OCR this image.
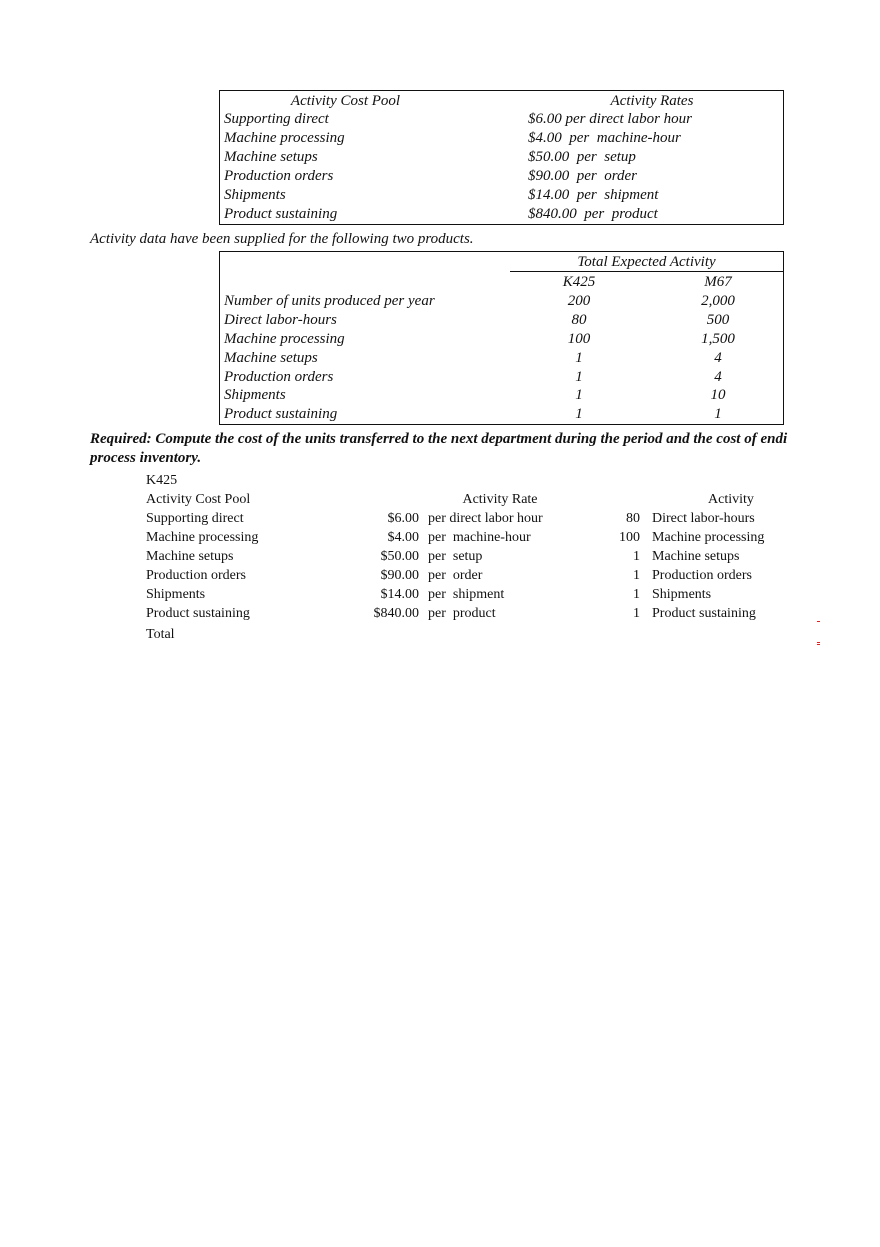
Activity Cost Pool	Activity Rates
Supporting direct	$6.00 per direct labor hour
Machine processing	$4.00  per  machine-hour
Machine setups	$50.00  per  setup
Production orders	$90.00  per  order
Shipments	$14.00  per  shipment
Product sustaining	$840.00  per  product
Activity data have been supplied for the following two products.
Total Expected Activity
K425	M67
Number of units produced per year	200	2,000
Direct labor-hours	80	500
Machine processing	100	1,500
Machine setups	1	4
Production orders	1	4
Shipments	1	10
Product sustaining	1	1
Required: Compute the cost of the units transferred to the next department during the period and the cost of endi
process inventory.
K425
Activity Cost Pool	Activity Rate	Activity
Supporting direct	$6.00 per direct labor hour	80 Direct labor-hours
Machine processing	$4.00 per  machine-hour	100 Machine processing
Machine setups	$50.00 per  setup	1 Machine setups
Production orders	$90.00 per  order	1 Production orders
Shipments	$14.00 per  shipment	1 Shipments
Product sustaining	$840.00 per  product	1 Product sustaining
Total
